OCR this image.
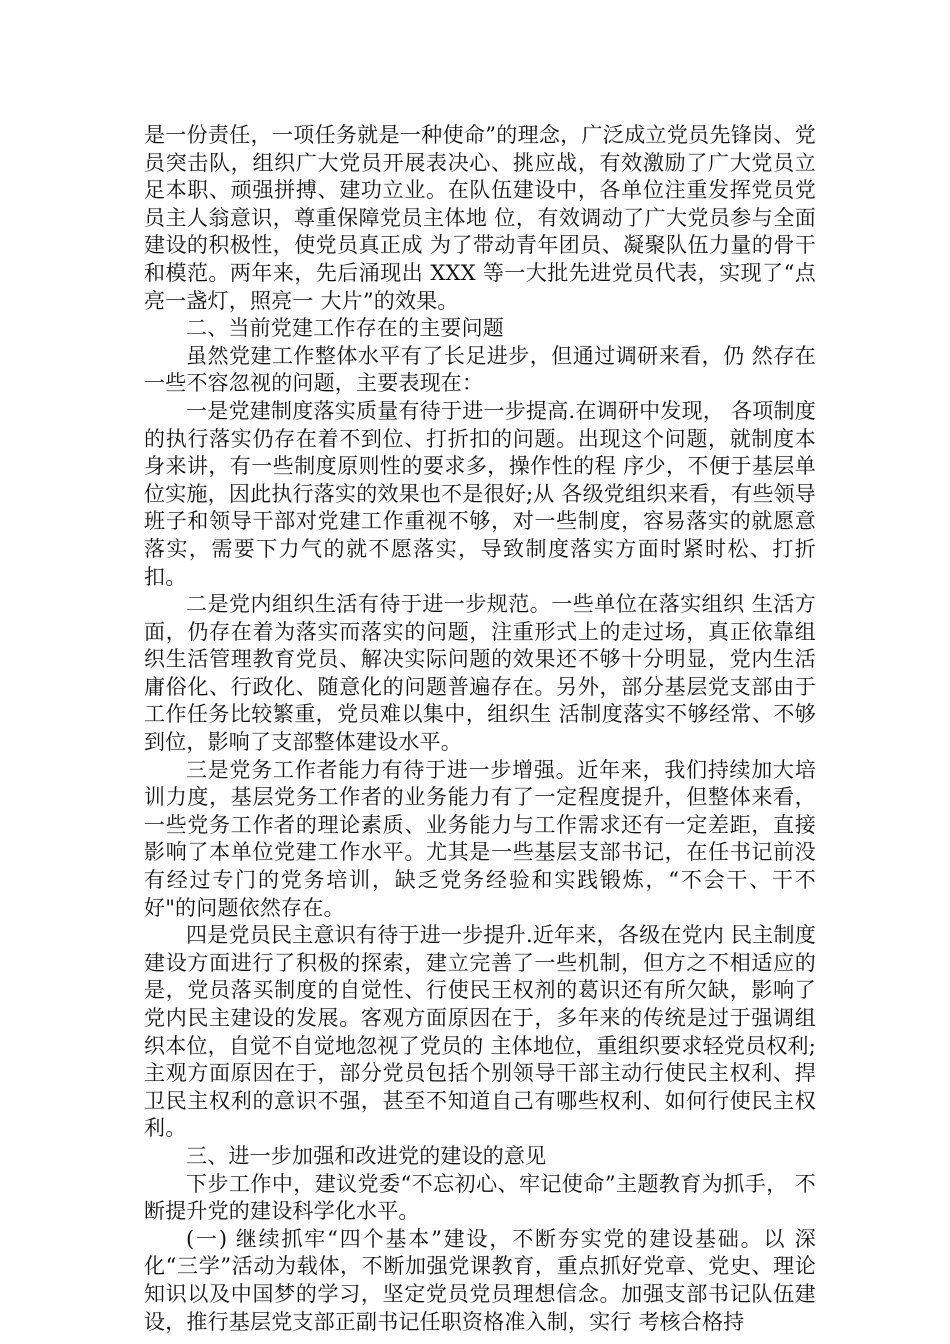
是一份责任，一项任务就是一种使命”的理念，广泛成立党员先锋岗、党员突击队，组织广大党员开展表决心、挑应战，有效激励了广大党员立足本职、顽强拼搏、建功立业。在队伍建设中，各单位注重发挥党员党员主人翁意识，尊重保障党员主体地 位，有效调动了广大党员参与全面建设的积极性，使党员真正成 为了带动青年团员、凝聚队伍力量的骨干和模范。两年来，先后涌现出 XXX 等一大批先进党员代表，实现了“点亮一盏灯，照亮一 大片”的效果。

二、当前党建工作存在的主要问题

虽然党建工作整体水平有了长足进步，但通过调研来看，仍 然存在一些不容忽视的问题，主要表现在：

一是党建制度落实质量有待于进一步提高.在调研中发现， 各项制度的执行落实仍存在着不到位、打折扣的问题。出现这个问题，就制度本身来讲，有一些制度原则性的要求多，操作性的程 序少，不便于基层单位实施，因此执行落实的效果也不是很好;从 各级党组织来看，有些领导班子和领导干部对党建工作重视不够，对一些制度，容易落实的就愿意落实，需要下力气的就不愿落实，导致制度落实方面时紧时松、打折扣。

二是党内组织生活有待于进一步规范。一些单位在落实组织 生活方面，仍存在着为落实而落实的问题，注重形式上的走过场，真正依靠组织生活管理教育党员、解决实际问题的效果还不够十分明显，党内生活庸俗化、行政化、随意化的问题普遍存在。另外，部分基层党支部由于工作任务比较繁重，党员难以集中，组织生 活制度落实不够经常、不够到位，影响了支部整体建设水平。

三是党务工作者能力有待于进一步增强。近年来，我们持续加大培训力度，基层党务工作者的业务能力有了一定程度提升，但整体来看，一些党务工作者的理论素质、业务能力与工作需求还有一定差距，直接影响了本单位党建工作水平。尤其是一些基层支部书记，在任书记前没有经过专门的党务培训，缺乏党务经验和实践锻炼，“不会干、干不好"的问题依然存在。

四是党员民主意识有待于进一步提升.近年来，各级在党内 民主制度建设方面进行了积极的探索，建立完善了一些机制，但方之不相适应的是，党员落买制度的自觉性、行使民王权剂的葛识还有所欠缺，影响了党内民主建设的发展。客观方面原因在于，多年来的传统是过于强调组织本位，自觉不自觉地忽视了党员的 主体地位，重组织要求轻党员权利;主观方面原因在于，部分党员包括个别领导干部主动行使民主权利、捍卫民主权利的意识不强，甚至不知道自己有哪些权利、如何行使民主权利。

三、进一步加强和改进党的建设的意见

下步工作中，建议党委“不忘初心、牢记使命”主题教育为抓手， 不断提升党的建设科学化水平。

(一) 继续抓牢“四个基本”建设，不断夯实党的建设基础。以 深化“三学”活动为载体，不断加强党课教育，重点抓好党章、党史、理论知识以及中国梦的学习，坚定党员党员理想信念。加强支部书记队伍建设，推行基层党支部正副书记任职资格准入制，实行 考核合格持
